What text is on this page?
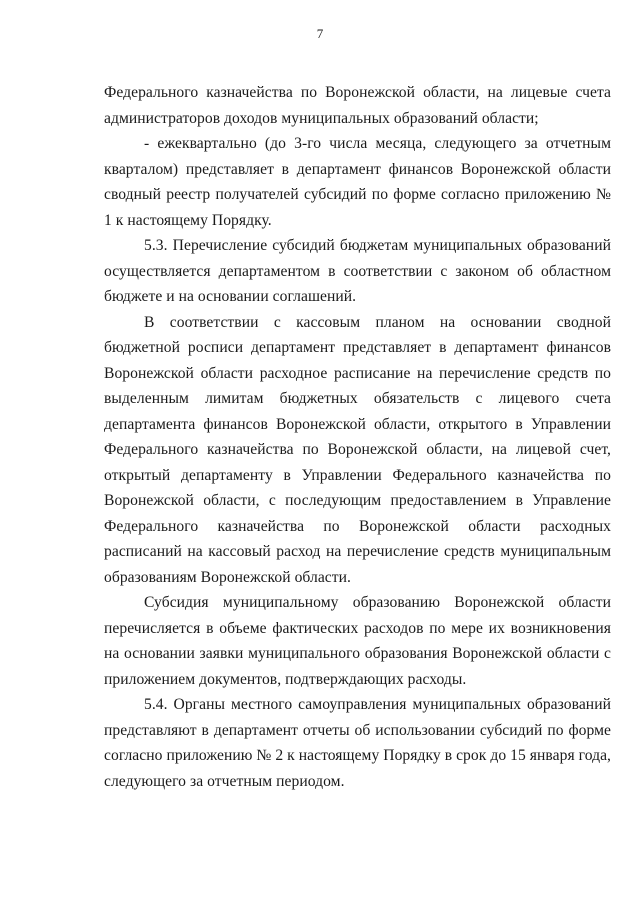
7

Федерального казначейства по Воронежской области, на лицевые счета администраторов доходов муниципальных образований области;

- ежеквартально (до 3-го числа месяца, следующего за отчетным кварталом) представляет в департамент финансов Воронежской области сводный реестр получателей субсидий по форме согласно приложению № 1 к настоящему Порядку.

5.3. Перечисление субсидий бюджетам муниципальных образований осуществляется департаментом в соответствии с законом об областном бюджете и на основании соглашений.

В соответствии с кассовым планом на основании сводной бюджетной росписи департамент представляет в департамент финансов Воронежской области расходное расписание на перечисление средств по выделенным лимитам бюджетных обязательств с лицевого счета департамента финансов Воронежской области, открытого в Управлении Федерального казначейства по Воронежской области, на лицевой счет, открытый департаменту в Управлении Федерального казначейства по Воронежской области, с последующим предоставлением в Управление Федерального казначейства по Воронежской области расходных расписаний на кассовый расход на перечисление средств муниципальным образованиям Воронежской области.

Субсидия муниципальному образованию Воронежской области перечисляется в объеме фактических расходов по мере их возникновения на основании заявки муниципального образования Воронежской области с приложением документов, подтверждающих расходы.

5.4. Органы местного самоуправления муниципальных образований представляют в департамент отчеты об использовании субсидий по форме согласно приложению № 2 к настоящему Порядку в срок до 15 января года, следующего за отчетным периодом.
